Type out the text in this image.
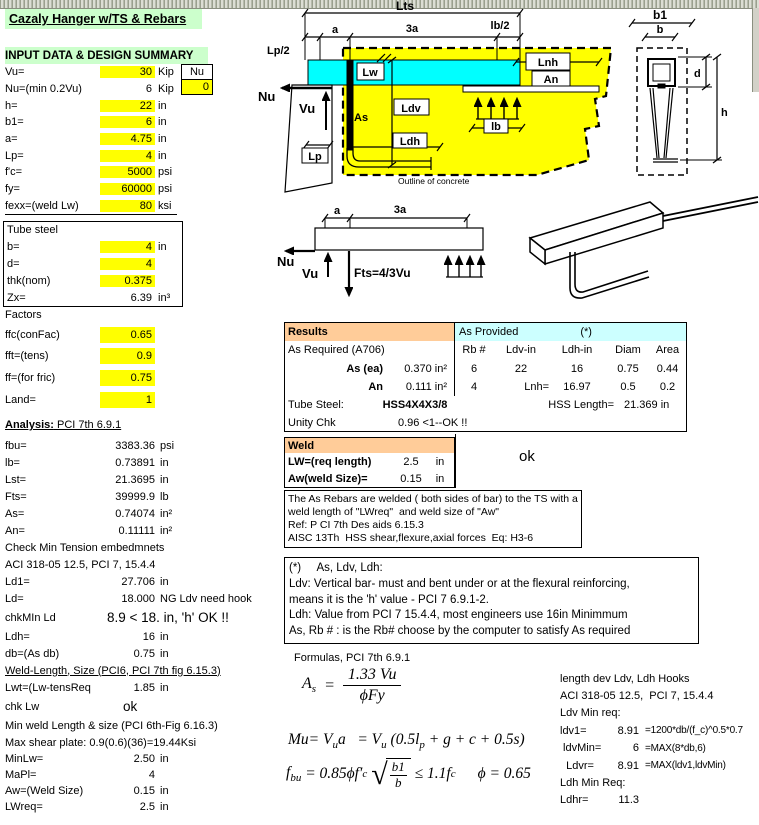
Cazaly Hanger w/TS & Rebars
INPUT DATA & DESIGN SUMMARY
Vu=	30 Kip
Nu=(min 0.2Vu)	6 Kip
h=	22 in
b1=	6 in
a=	4.75 in
Lp=	4 in
f'c=	5000 psi
fy=	60000 psi
fexx=(weld Lw)	80 ksi
Nu
0
Tube steel
b=	4 in
d=	4
thk(nom)	0.375
Zx=	6.39 in³
Factors
ffc(conFac)	0.65
fft=(tens)	0.9
ff=(for fric)	0.75
Land=	1
Analysis: PCI 7th 6.9.1
fbu=	3383.36 psi
lb=	0.73891 in
Lst=	21.3695 in
Fts=	39999.9 lb
As=	0.74074 in²
An=	0.11111 in²
Check Min Tension embedmnets
ACI 318-05 12.5, PCI 7, 15.4.4
Ld1=	27.706 in
Ld=	18.000 NG Ldv need hook
chkMIn Ld	8.9 < 18. in, 'h' OK !!
Ldh=	16 in
db=(As db)	0.75 in
Weld-Length, Size (PCI6, PCI 7th fig 6.15.3)
Lwt=(Lw-tensReq	1.85 in
chk Lw	ok
Min weld Length & size (PCI 6th-Fig 6.16.3)
Max shear plate: 0.9(0.6)(36)=19.44Ksi
MinLw=	2.50 in
MaPl=	4
Aw=(Weld Size)	0.15 in
LWreq=	2.5 in
Nu
Vu
Lp
Lw
As
Ldv
Ldh
An
Lnh
lb
Outline of concrete
Lts
a	3a	lb/2
Lp/2
b1
b
d
h
a	3a
Nu
Vu	Fts=4/3Vu
Results	As Provided	(*)
As Required (A706)	Rb #	Ldv-in	Ldh-in	Diam	Area
As (ea)	0.370 in²	6	22	16	0.75	0.44
An	0.111 in²	4	Lnh=	16.97	0.5	0.2
Tube Steel:	HSS4X4X3/8	HSS Length= 21.369 in
Unity Chk	0.96 <1--OK !!
ok
Weld
LW=(req length)	2.5	in
Aw(weld Size)=	0.15	in
The As Rebars are welded ( both sides of bar) to the TS with a
weld length of "LWreq"  and weld size of "Aw"
Ref: P CI 7th Des aids 6.15.3
AISC 13Th  HSS shear,flexure,axial forces  Eq: H3-6
(*)     As, Ldv, Ldh:
Ldv: Vertical bar- must and bent under or at the flexural reinforcing,
means it is the 'h' value - PCI 7 6.9.1-2.
Ldh: Value from PCI 7 15.4.4, most engineers use 16in Minimmum
As, Rb # : is the Rb# choose by the computer to satisfy As required
Formulas, PCI 7th 6.9.1
$A_s = \frac{1.33 Vu}{\text{ϕFy}}$
$Mu= V_ua = V_u$ $(0.5l_p + g + c + 0.5s)$
$f_{bu} = 0.85\phi f'$ c √
$\frac{b1}{b} \le 1.1f$ c ϕ = 0.65
length dev Ldv, Ldh Hooks
ACI 318-05 12.5,  PCI 7, 15.4.4
Ldv Min req:
ldv1=	8.91 =1200*db/(f_c)^0.5*0.7
ldvMin=	6 =MAX(8*db,6)
Ldvr=	8.91 =MAX(ldv1,ldvMin)
Ldh Min Req:
Ldhr=	11.3
